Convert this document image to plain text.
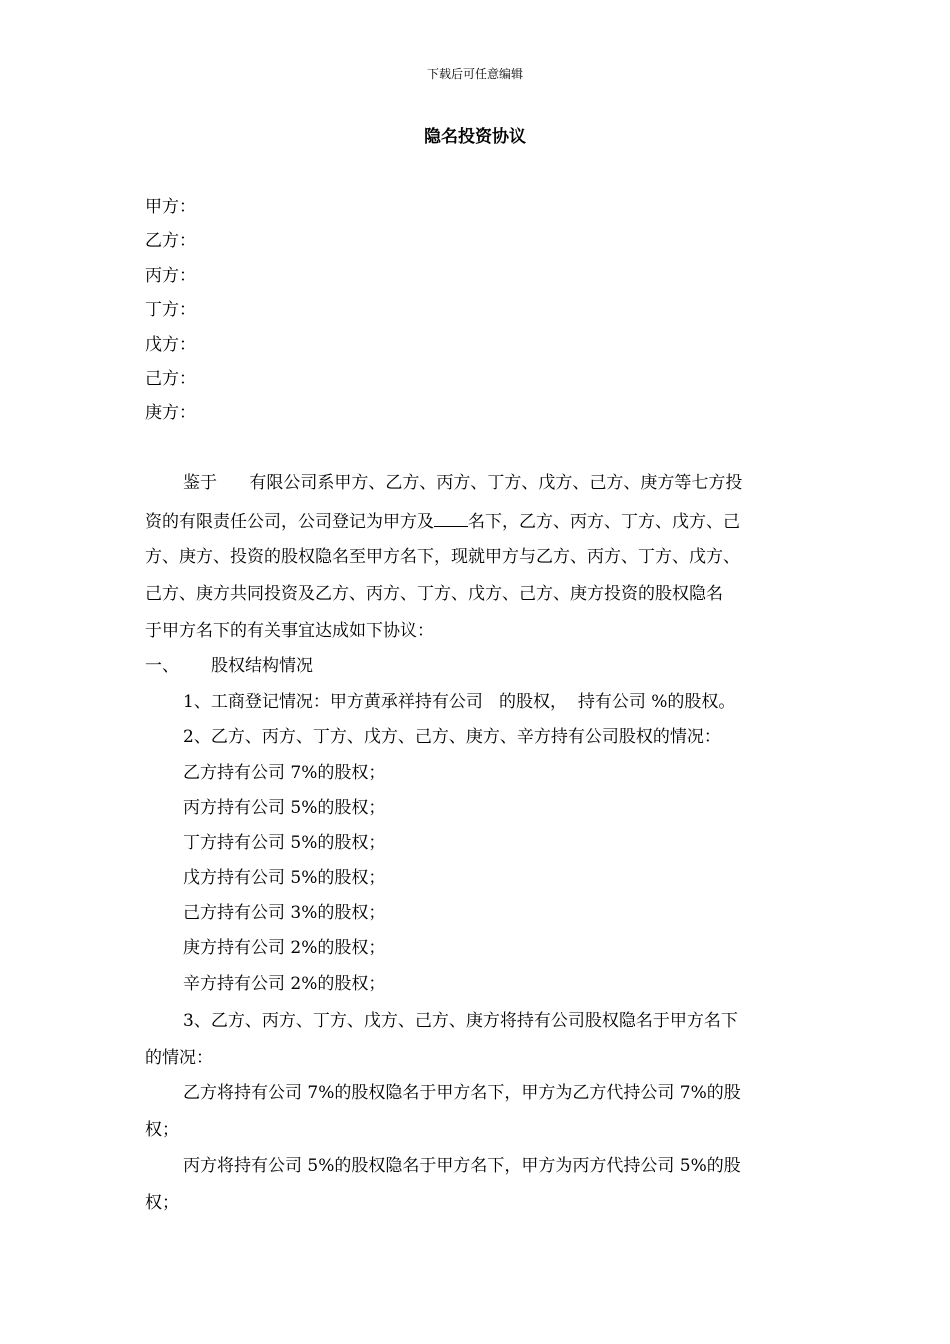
下载后可任意编辑
隐名投资协议
甲方：
乙方：
丙方：
丁方：
戊方：
己方：
庚方：
鉴于      有限公司系甲方、乙方、丙方、丁方、戊方、己方、庚方等七方投
资的有限责任公司，公司登记为甲方及 名下，乙方、丙方、丁方、戊方、己
方、庚方、投资的股权隐名至甲方名下，现就甲方与乙方、丙方、丁方、戊方、
己方、庚方共同投资及乙方、丙方、丁方、戊方、己方、庚方投资的股权隐名
于甲方名下的有关事宜达成如下协议：
一、 股权结构情况
1、工商登记情况：甲方黄承祥持有公司   的股权，  持有公司 %的股权。
2、乙方、丙方、丁方、戊方、己方、庚方、辛方持有公司股权的情况：
乙方持有公司 7%的股权；
丙方持有公司 5%的股权；
丁方持有公司 5%的股权；
戊方持有公司 5%的股权；
己方持有公司 3%的股权；
庚方持有公司 2%的股权；
辛方持有公司 2%的股权；
3、乙方、丙方、丁方、戊方、己方、庚方将持有公司股权隐名于甲方名下
的情况：
乙方将持有公司 7%的股权隐名于甲方名下，甲方为乙方代持公司 7%的股
权；
丙方将持有公司 5%的股权隐名于甲方名下，甲方为丙方代持公司 5%的股
权；
